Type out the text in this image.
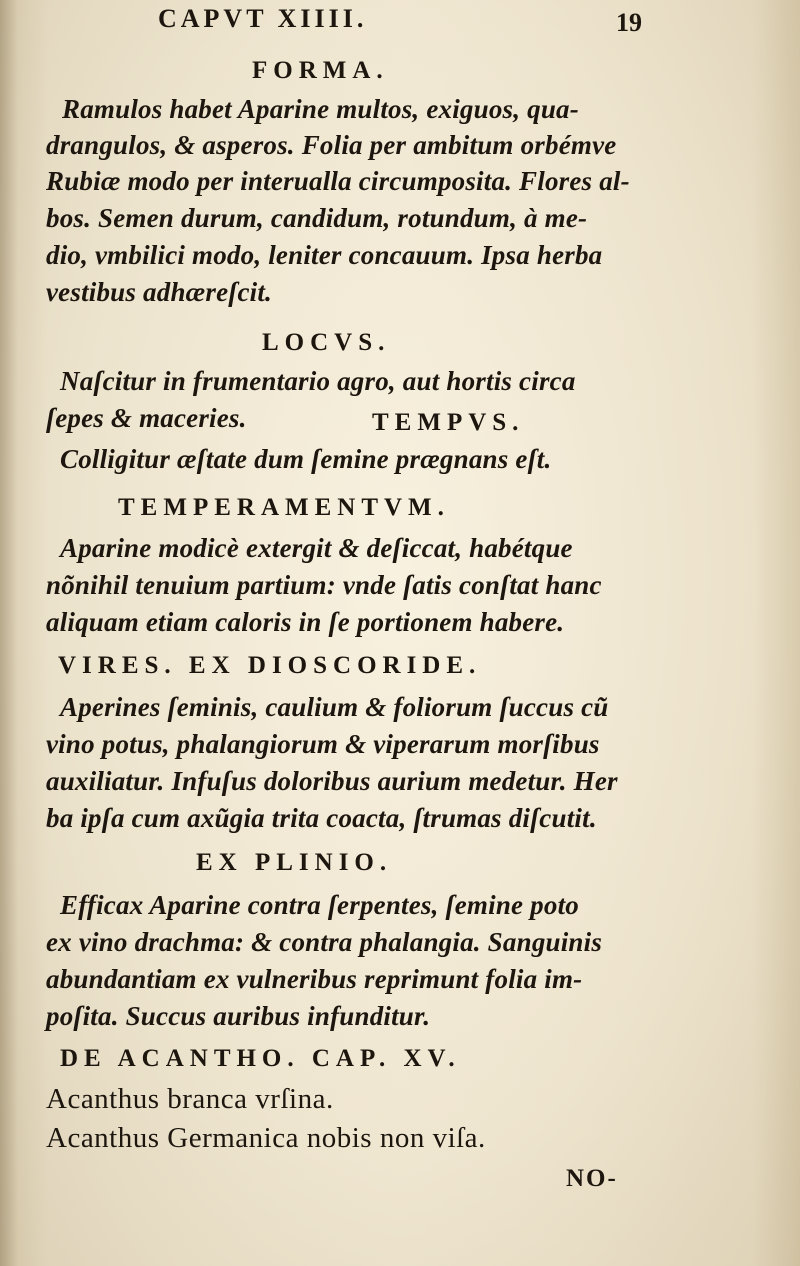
CAPVT XIIII.	19
FORMA.
Ramulos habet Aparine multos, exiguos, qua-
drangulos, & asperos. Folia per ambitum orbémve
Rubiæ modo per interualla circumposita. Flores al-
bos. Semen durum, candidum, rotundum, à me-
dio, vmbilici modo, leniter concauum. Ipsa herba
vestibus adhæreſcit.
LOCVS.
Naſcitur in frumentario agro, aut hortis circa
ſepes & maceries.	TEMPVS.
Colligitur æſtate dum ſemine prægnans eſt.
TEMPERAMENTVM.
Aparine modicè extergit & deſiccat, habétque
nõnihil tenuium partium: vnde ſatis conſtat hanc
aliquam etiam caloris in ſe portionem habere.
VIRES. EX DIOSCORIDE.
Aperines ſeminis, caulium & foliorum ſuccus cũ
vino potus, phalangiorum & viperarum morſibus
auxiliatur. Infuſus doloribus aurium medetur. Her
ba ipſa cum axũgia trita coacta, ſtrumas diſcutit.
EX PLINIO.
Efficax Aparine contra ſerpentes, ſemine poto
ex vino drachma: & contra phalangia. Sanguinis
abundantiam ex vulneribus reprimunt folia im-
poſita. Succus auribus infunditur.
DE ACANTHO. CAP. XV.
Acanthus branca vrſina.
Acanthus Germanica nobis non viſa.
NO-
